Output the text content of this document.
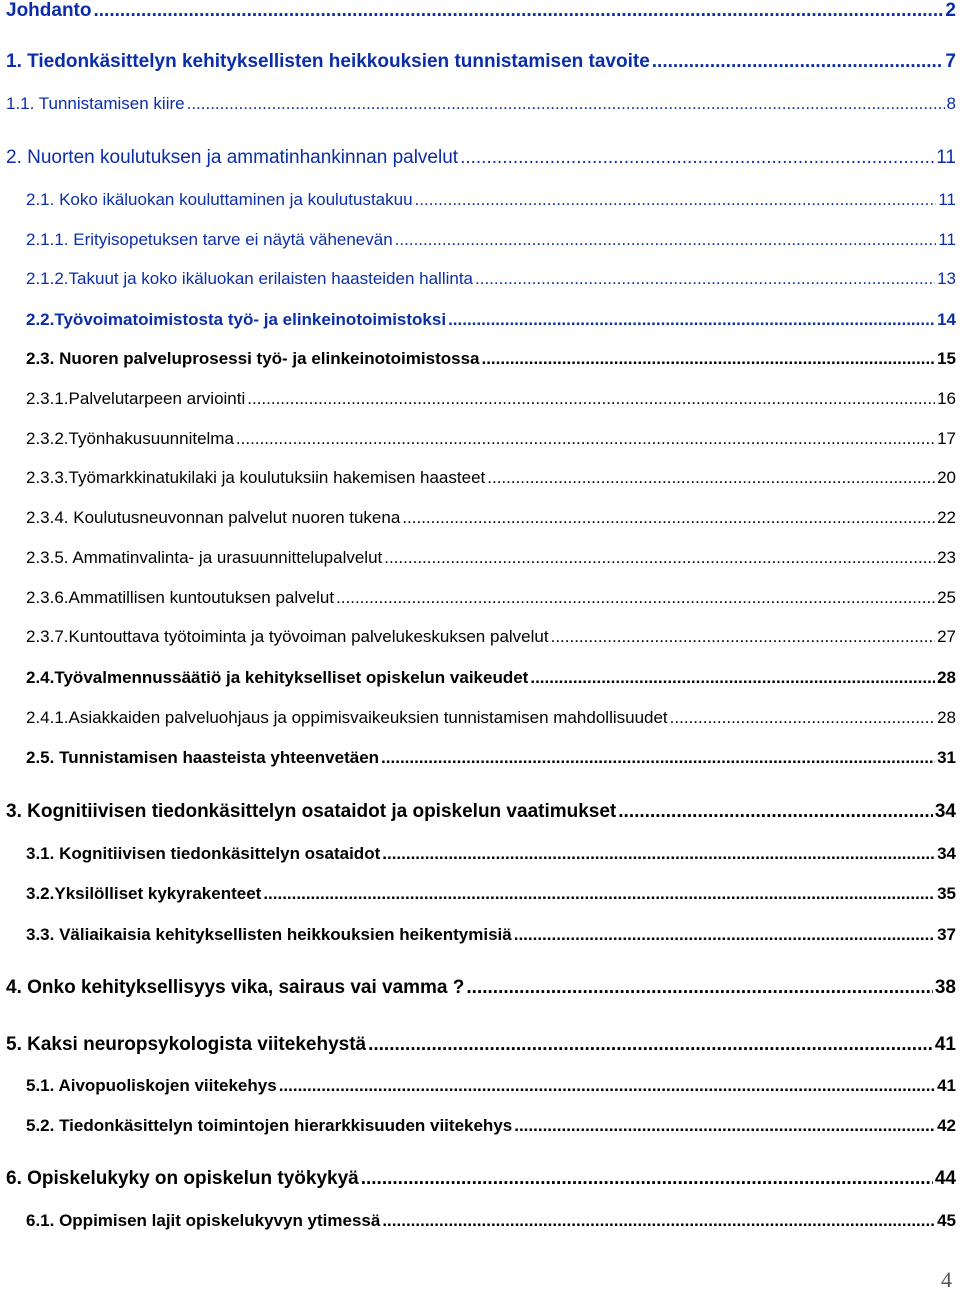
Johdanto .....	2
1. Tiedonkäsittelyn kehityksellisten heikkouksien tunnistamisen tavoite .....	7
1.1. Tunnistamisen kiire .....	8
2. Nuorten koulutuksen ja ammatinhankinnan palvelut .....	11
2.1. Koko ikäluokan kouluttaminen ja koulutustakuu .....	11
2.1.1. Erityisopetuksen tarve ei näytä vähenevän .....	11
2.1.2.Takuut ja koko ikäluokan erilaisten haasteiden hallinta .....	13
2.2.Työvoimatoimistosta työ- ja elinkeinotoimistoksi .....	14
2.3. Nuoren palveluprosessi työ- ja elinkeinotoimistossa .....	15
2.3.1.Palvelutarpeen arviointi .....	16
2.3.2.Työnhakusuunnitelma .....	17
2.3.3.Työmarkkinatukilaki ja koulutuksiin hakemisen haasteet .....	20
2.3.4. Koulutusneuvonnan palvelut nuoren tukena .....	22
2.3.5. Ammatinvalinta- ja urasuunnittelupalvelut .....	23
2.3.6.Ammatillisen kuntoutuksen palvelut .....	25
2.3.7.Kuntouttava työtoiminta ja työvoiman palvelukeskuksen palvelut .....	27
2.4.Työvalmennussäätiö ja kehitykselliset opiskelun vaikeudet .....	28
2.4.1.Asiakkaiden palveluohjaus ja oppimisvaikeuksien tunnistamisen mahdollisuudet .....	28
2.5. Tunnistamisen haasteista yhteenvetäen .....	31
3. Kognitiivisen tiedonkäsittelyn osataidot ja opiskelun vaatimukset .....	34
3.1. Kognitiivisen tiedonkäsittelyn osataidot .....	34
3.2.Yksilölliset kykyrakenteet .....	35
3.3. Väliaikaisia kehityksellisten heikkouksien heikentymisiä .....	37
4. Onko kehityksellisyys vika, sairaus vai vamma ? .....	38
5. Kaksi neuropsykologista viitekehystä .....	41
5.1. Aivopuoliskojen viitekehys .....	41
5.2. Tiedonkäsittelyn toimintojen hierarkkisuuden viitekehys .....	42
6. Opiskelukyky on opiskelun työkykyä .....	44
6.1. Oppimisen lajit opiskelukyvyn ytimessä .....	45
4
